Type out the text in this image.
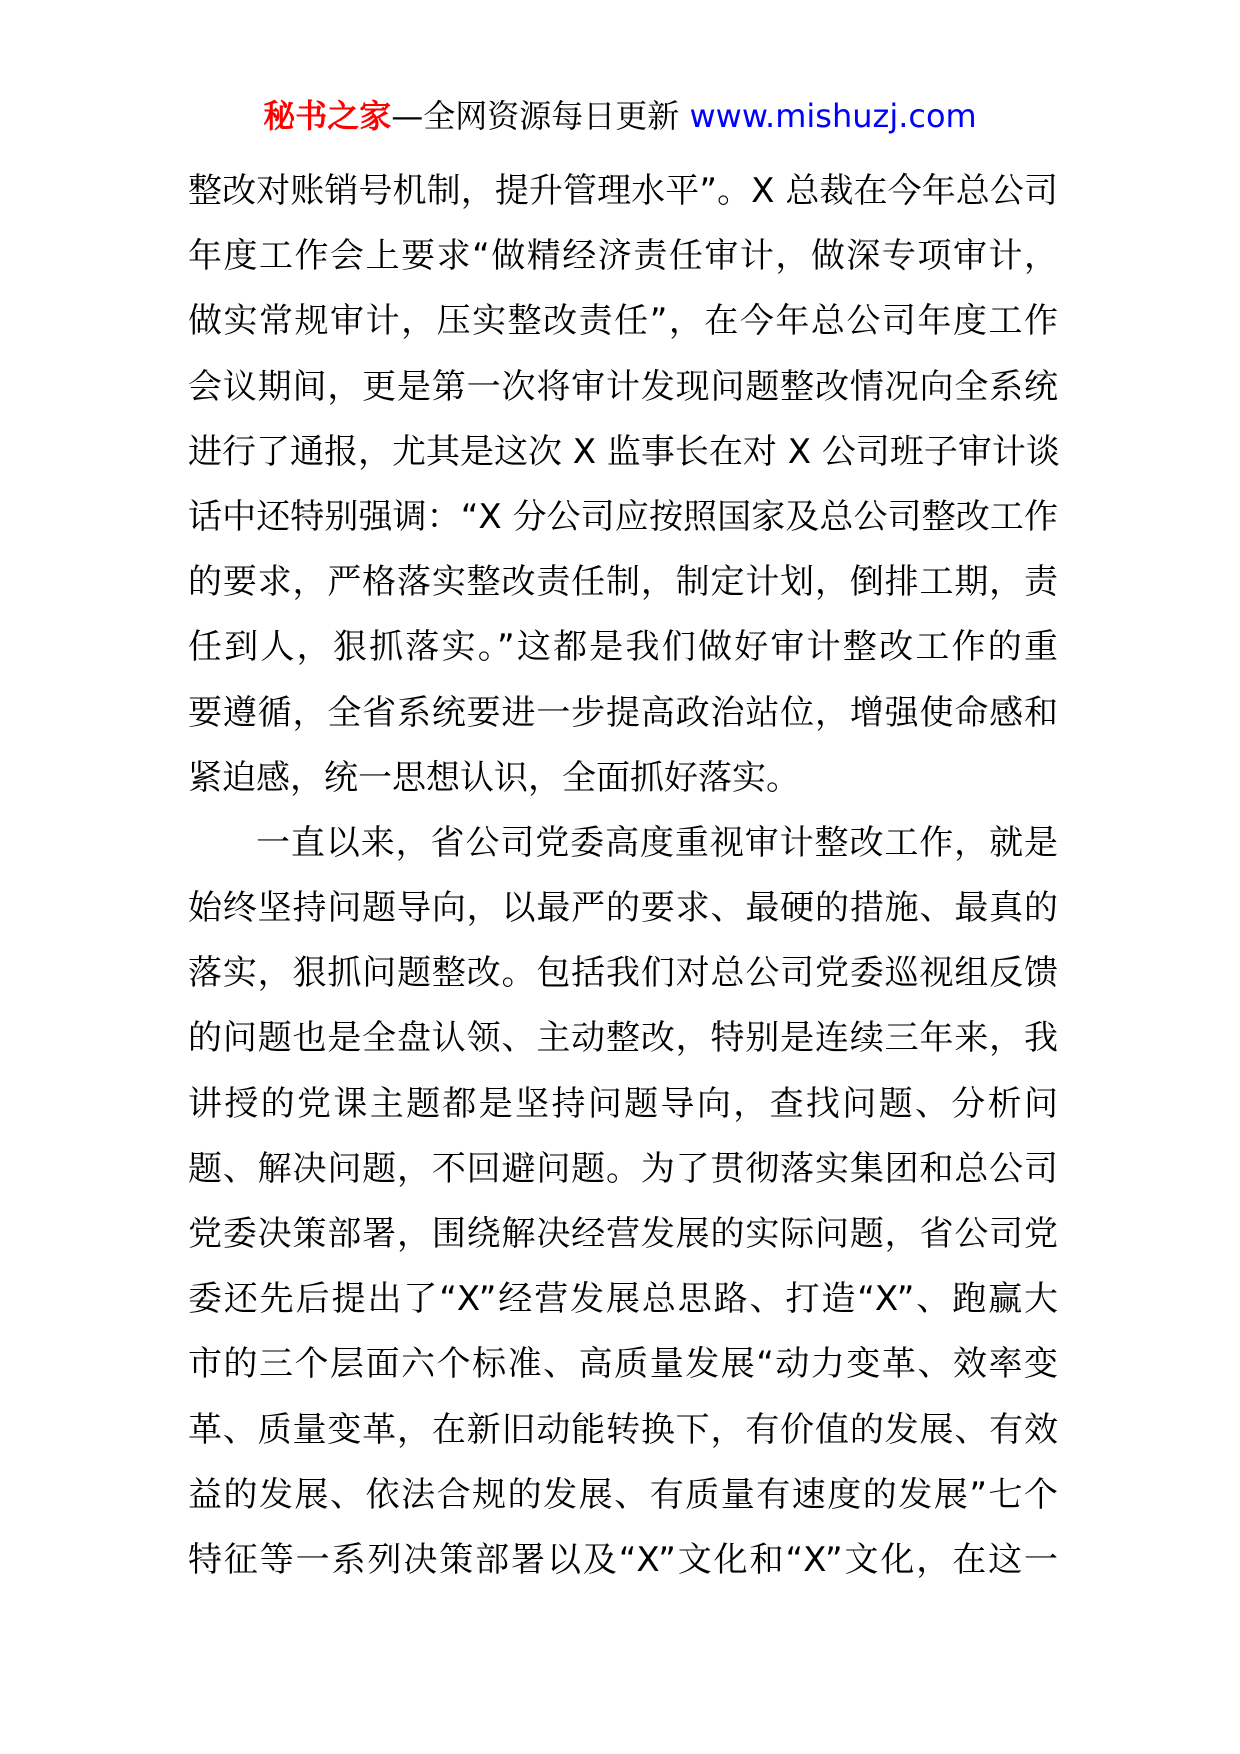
秘书之家—全网资源每日更新 www.mishuzj.com
整改对账销号机制，提升管理水平”。X 总裁在今年总公司
年度工作会上要求“做精经济责任审计，做深专项审计，
做实常规审计，压实整改责任”，在今年总公司年度工作
会议期间，更是第一次将审计发现问题整改情况向全系统
进行了通报，尤其是这次 X 监事长在对 X 公司班子审计谈
话中还特别强调：“X 分公司应按照国家及总公司整改工作
的要求，严格落实整改责任制，制定计划，倒排工期，责
任到人，狠抓落实。”这都是我们做好审计整改工作的重
要遵循，全省系统要进一步提高政治站位，增强使命感和
紧迫感，统一思想认识，全面抓好落实。
一直以来，省公司党委高度重视审计整改工作，就是
始终坚持问题导向，以最严的要求、最硬的措施、最真的
落实，狠抓问题整改。包括我们对总公司党委巡视组反馈
的问题也是全盘认领、主动整改，特别是连续三年来，我
讲授的党课主题都是坚持问题导向，查找问题、分析问
题、解决问题，不回避问题。为了贯彻落实集团和总公司
党委决策部署，围绕解决经营发展的实际问题，省公司党
委还先后提出了“X”经营发展总思路、打造“X”、跑赢大
市的三个层面六个标准、高质量发展“动力变革、效率变
革、质量变革，在新旧动能转换下，有价值的发展、有效
益的发展、依法合规的发展、有质量有速度的发展”七个
特征等一系列决策部署以及“X”文化和“X”文化，在这一
